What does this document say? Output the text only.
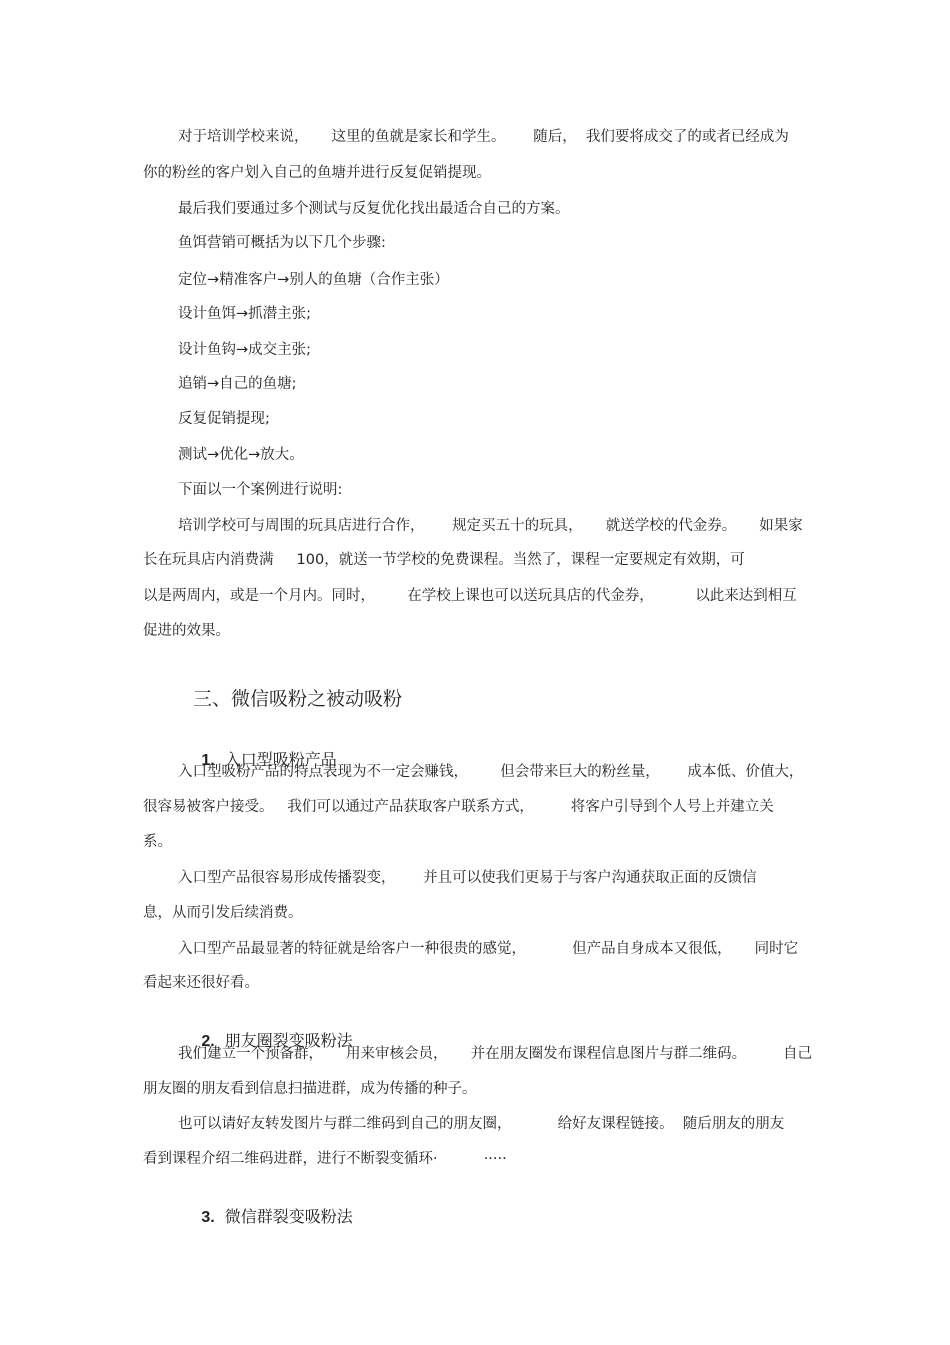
对于培训学校来说，     这里的鱼就是家长和学生。      随后，  我们要将成交了的或者已经成为
你的粉丝的客户划入自己的鱼塘并进行反复促销提现。
最后我们要通过多个测试与反复优化找出最适合自己的方案。
鱼饵营销可概括为以下几个步骤:
定位→精准客户→别人的鱼塘（合作主张）
设计鱼饵→抓潜主张;
设计鱼钩→成交主张;
追销→自己的鱼塘;
反复促销提现;
测试→优化→放大。
下面以一个案例进行说明:
培训学校可与周围的玩具店进行合作，      规定买五十的玩具，     就送学校的代金券。     如果家
长在玩具店内消费满     100，就送一节学校的免费课程。当然了，课程一定要规定有效期，可
以是两周内，或是一个月内。同时，       在学校上课也可以送玩具店的代金券，         以此来达到相互
促进的效果。
三、微信吸粉之被动吸粉

1. 入口型吸粉产品

入口型吸粉产品的特点表现为不一定会赚钱，       但会带来巨大的粉丝量，      成本低、价值大，
很容易被客户接受。   我们可以通过产品获取客户联系方式，        将客户引导到个人号上并建立关
系。
入口型产品很容易形成传播裂变，      并且可以使我们更易于与客户沟通获取正面的反馈信
息，从而引发后续消费。
入口型产品最显著的特征就是给客户一种很贵的感觉，          但产品自身成本又很低，     同时它
看起来还很好看。

2. 朋友圈裂变吸粉法

我们建立一个预备群，     用来审核会员，     并在朋友圈发布课程信息图片与群二维码。        自己
朋友圈的朋友看到信息扫描进群，成为传播的种子。
也可以请好友转发图片与群二维码到自己的朋友圈，          给好友课程链接。  随后朋友的朋友
看到课程介绍二维码进群，进行不断裂变循环·          ·····

3. 微信群裂变吸粉法
